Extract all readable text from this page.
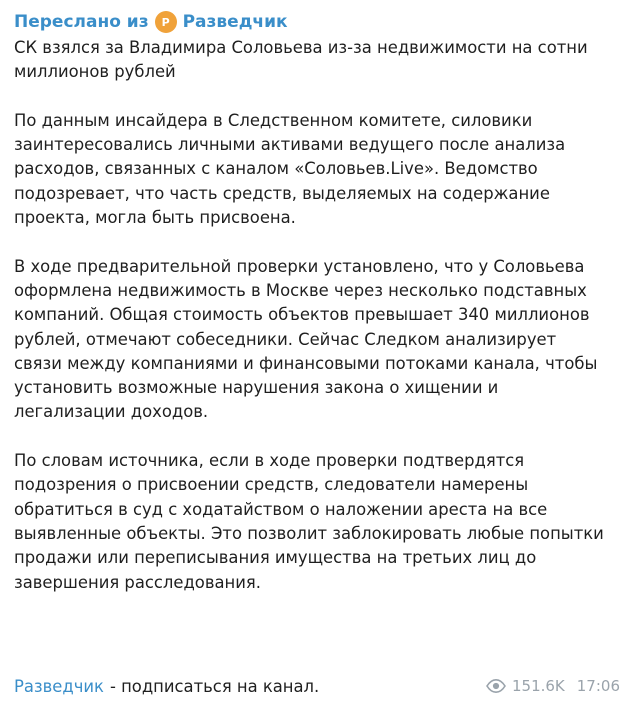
Переслано из	Р Разведчик

СК взялся за Владимира Соловьева из-за недвижимости на сотни миллионов рублей

По данным инсайдера в Следственном комитете, силовики заинтересовались личными активами ведущего после анализа расходов, связанных с каналом «Соловьев.Live». Ведомство подозревает, что часть средств, выделяемых на содержание проекта, могла быть присвоена.

В ходе предварительной проверки установлено, что у Соловьева оформлена недвижимость в Москве через несколько подставных компаний. Общая стоимость объектов превышает 340 миллионов рублей, отмечают собеседники. Сейчас Следком анализирует связи между компаниями и финансовыми потоками канала, чтобы установить возможные нарушения закона о хищении и легализации доходов.

По словам источника, если в ходе проверки подтвердятся подозрения о присвоении средств, следователи намерены обратиться в суд с ходатайством о наложении ареста на все выявленные объекты. Это позволит заблокировать любые попытки продажи или переписывания имущества на третьих лиц до завершения расследования.

Разведчик - подписаться на канал.	151.6K 17:06
